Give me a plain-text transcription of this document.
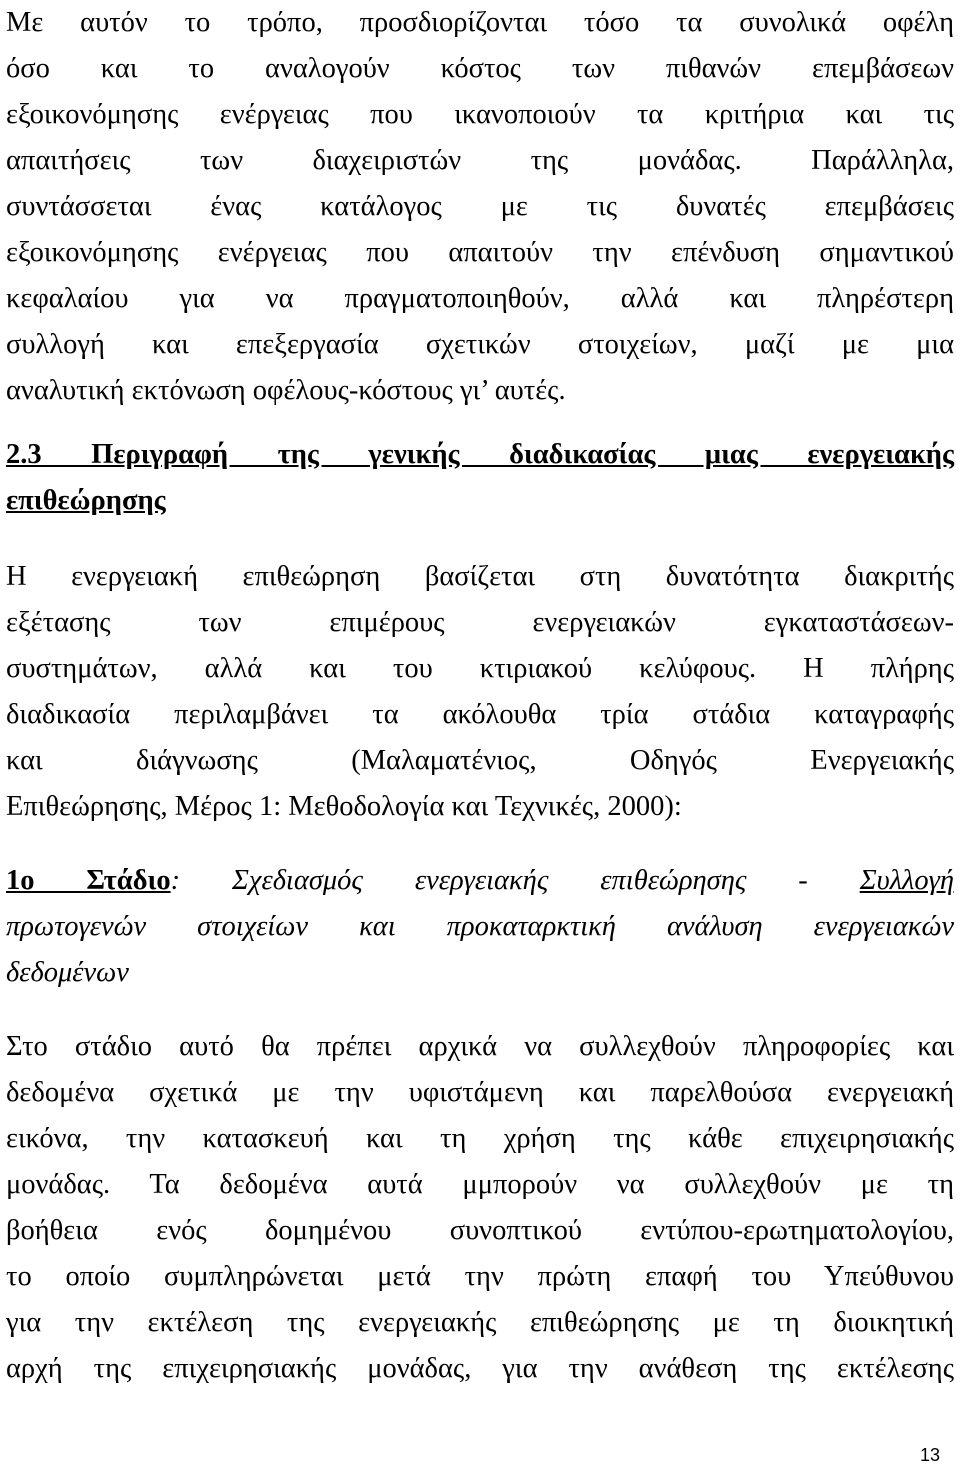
Με αυτόν το τρόπο, προσδιορίζονται τόσο τα συνολικά οφέλη
όσο και το αναλογούν κόστος των πιθανών επεμβάσεων
εξοικονόμησης ενέργειας που ικανοποιούν τα κριτήρια και τις
απαιτήσεις των διαχειριστών της μονάδας. Παράλληλα,
συντάσσεται ένας κατάλογος με τις δυνατές επεμβάσεις
εξοικονόμησης ενέργειας που απαιτούν την επένδυση σημαντικού
κεφαλαίου για να πραγματοποιηθούν, αλλά και πληρέστερη
συλλογή και επεξεργασία σχετικών στοιχείων, μαζί με μια
αναλυτική εκτόνωση οφέλους-κόστους γι’ αυτές.
2.3 Περιγραφή της γενικής διαδικασίας μιας ενεργειακής
επιθεώρησης
Η ενεργειακή επιθεώρηση βασίζεται στη δυνατότητα διακριτής
εξέτασης των επιμέρους ενεργειακών εγκαταστάσεων-
συστημάτων, αλλά και του κτιριακού κελύφους. Η πλήρης
διαδικασία περιλαμβάνει τα ακόλουθα τρία στάδια καταγραφής
και διάγνωσης (Μαλαματένιος, Οδηγός Ενεργειακής
Επιθεώρησης, Μέρος 1: Μεθοδολογία και Τεχνικές, 2000):
1ο Στάδιο: Σχεδιασμός ενεργειακής επιθεώρησης - Συλλογή
πρωτογενών στοιχείων και προκαταρκτική ανάλυση ενεργειακών
δεδομένων
Στο στάδιο αυτό θα πρέπει αρχικά να συλλεχθούν πληροφορίες και
δεδομένα σχετικά με την υφιστάμενη και παρελθούσα ενεργειακή
εικόνα, την κατασκευή και τη χρήση της κάθε επιχειρησιακής
μονάδας. Τα δεδομένα αυτά μμπορούν να συλλεχθούν με τη
βοήθεια ενός δομημένου συνοπτικού εντύπου-ερωτηματολογίου,
το οποίο συμπληρώνεται μετά την πρώτη επαφή του Υπεύθυνου
για την εκτέλεση της ενεργειακής επιθεώρησης με τη διοικητική
αρχή της επιχειρησιακής μονάδας, για την ανάθεση της εκτέλεσης
13
